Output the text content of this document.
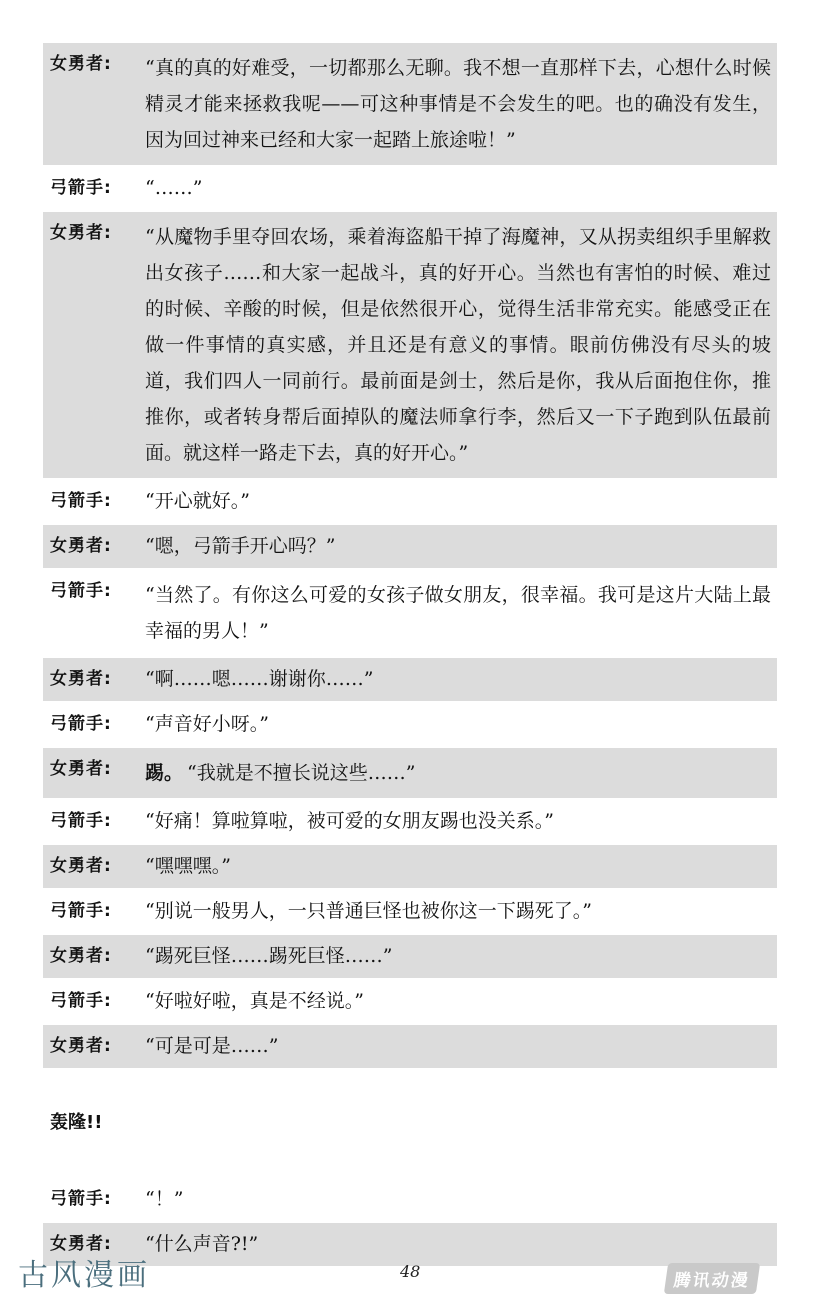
女勇者:	“真的真的好难受，一切都那么无聊。我不想一直那样下去，心想什么时候精灵才能来拯救我呢——可这种事情是不会发生的吧。也的确没有发生，因为回过神来已经和大家一起踏上旅途啦！”
弓箭手:	“……”
女勇者:	“从魔物手里夺回农场，乘着海盗船干掉了海魔神，又从拐卖组织手里解救出女孩子……和大家一起战斗，真的好开心。当然也有害怕的时候、难过的时候、辛酸的时候，但是依然很开心，觉得生活非常充实。能感受正在做一件事情的真实感，并且还是有意义的事情。眼前仿佛没有尽头的坡道，我们四人一同前行。最前面是剑士，然后是你，我从后面抱住你，推推你，或者转身帮后面掉队的魔法师拿行李，然后又一下子跑到队伍最前面。就这样一路走下去，真的好开心。”
弓箭手:	“开心就好。”
女勇者:	“嗯，弓箭手开心吗？”
弓箭手:	“当然了。有你这么可爱的女孩子做女朋友，很幸福。我可是这片大陆上最幸福的男人！”
女勇者:	“啊……嗯……谢谢你……”
弓箭手:	“声音好小呀。”
女勇者:	踢。 “我就是不擅长说这些……”
弓箭手:	“好痛！算啦算啦，被可爱的女朋友踢也没关系。”
女勇者:	“嘿嘿嘿。”
弓箭手:	“别说一般男人，一只普通巨怪也被你这一下踢死了。”
女勇者:	“踢死巨怪……踢死巨怪……”
弓箭手:	“好啦好啦，真是不经说。”
女勇者:	“可是可是……”
轰隆!!
弓箭手:	“！”
女勇者:	“什么声音?!”
古风漫画	48	腾讯动漫
